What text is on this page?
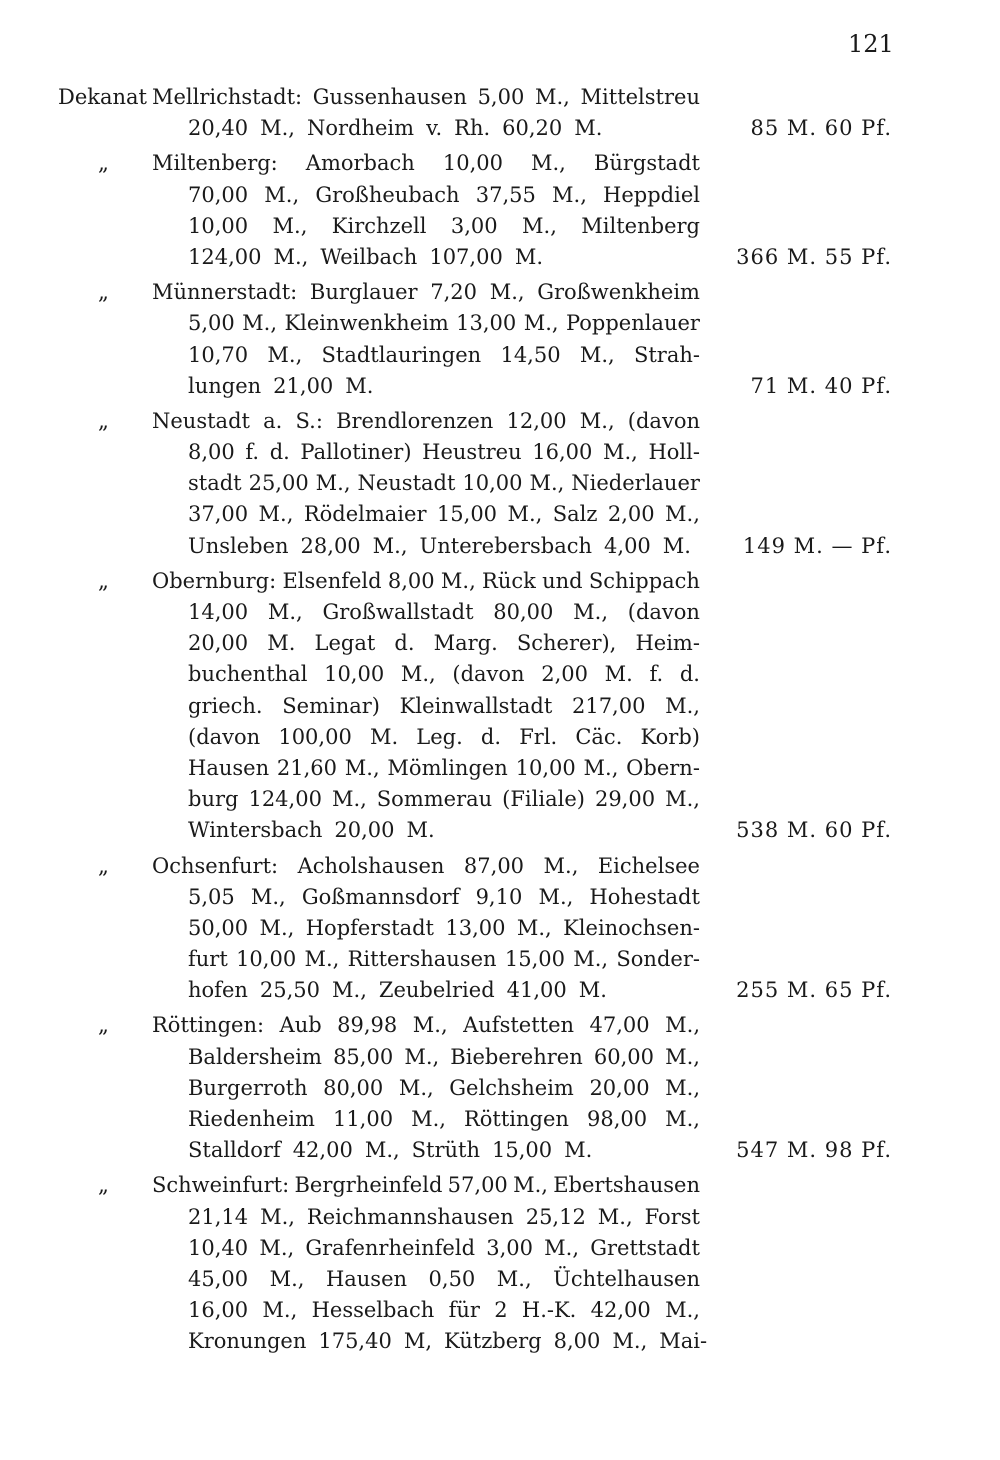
121
Dekanat Mellrichstadt: Gussenhausen 5,00 M., Mittelstreu
20,40 M., Nordheim v. Rh. 60,20 M.	85 M. 60 Pf.
„ Miltenberg: Amorbach 10,00 M., Bürgstadt
70,00 M., Großheubach 37,55 M., Heppdiel
10,00 M., Kirchzell 3,00 M., Miltenberg
124,00 M., Weilbach 107,00 M.	366 M. 55 Pf.
„ Münnerstadt: Burglauer 7,20 M., Großwenkheim
5,00 M., Kleinwenkheim 13,00 M., Poppenlauer
10,70 M., Stadtlauringen 14,50 M., Strah-
lungen 21,00 M.	71 M. 40 Pf.
„ Neustadt a. S.: Brendlorenzen 12,00 M., (davon
8,00 f. d. Pallotiner) Heustreu 16,00 M., Holl-
stadt 25,00 M., Neustadt 10,00 M., Niederlauer
37,00 M., Rödelmaier 15,00 M., Salz 2,00 M.,
Unsleben 28,00 M., Unterebersbach 4,00 M.	149 M. — Pf.
„ Obernburg: Elsenfeld 8,00 M., Rück und Schippach
14,00 M., Großwallstadt 80,00 M., (davon
20,00 M. Legat d. Marg. Scherer), Heim-
buchenthal 10,00 M., (davon 2,00 M. f. d.
griech. Seminar) Kleinwallstadt 217,00 M.,
(davon 100,00 M. Leg. d. Frl. Cäc. Korb)
Hausen 21,60 M., Mömlingen 10,00 M., Obern-
burg 124,00 M., Sommerau (Filiale) 29,00 M.,
Wintersbach 20,00 M.	538 M. 60 Pf.
„ Ochsenfurt: Acholshausen 87,00 M., Eichelsee
5,05 M., Goßmannsdorf 9,10 M., Hohestadt
50,00 M., Hopferstadt 13,00 M., Kleinochsen-
furt 10,00 M., Rittershausen 15,00 M., Sonder-
hofen 25,50 M., Zeubelried 41,00 M.	255 M. 65 Pf.
„ Röttingen: Aub 89,98 M., Aufstetten 47,00 M.,
Baldersheim 85,00 M., Bieberehren 60,00 M.,
Burgerroth 80,00 M., Gelchsheim 20,00 M.,
Riedenheim 11,00 M., Röttingen 98,00 M.,
Stalldorf 42,00 M., Strüth 15,00 M.	547 M. 98 Pf.
„ Schweinfurt: Bergrheinfeld 57,00 M., Ebertshausen
21,14 M., Reichmannshausen 25,12 M., Forst
10,40 M., Grafenrheinfeld 3,00 M., Grettstadt
45,00 M., Hausen 0,50 M., Üchtelhausen
16,00 M., Hesselbach für 2 H.-K. 42,00 M.,
Kronungen 175,40 M, Kützberg 8,00 M., Mai-
